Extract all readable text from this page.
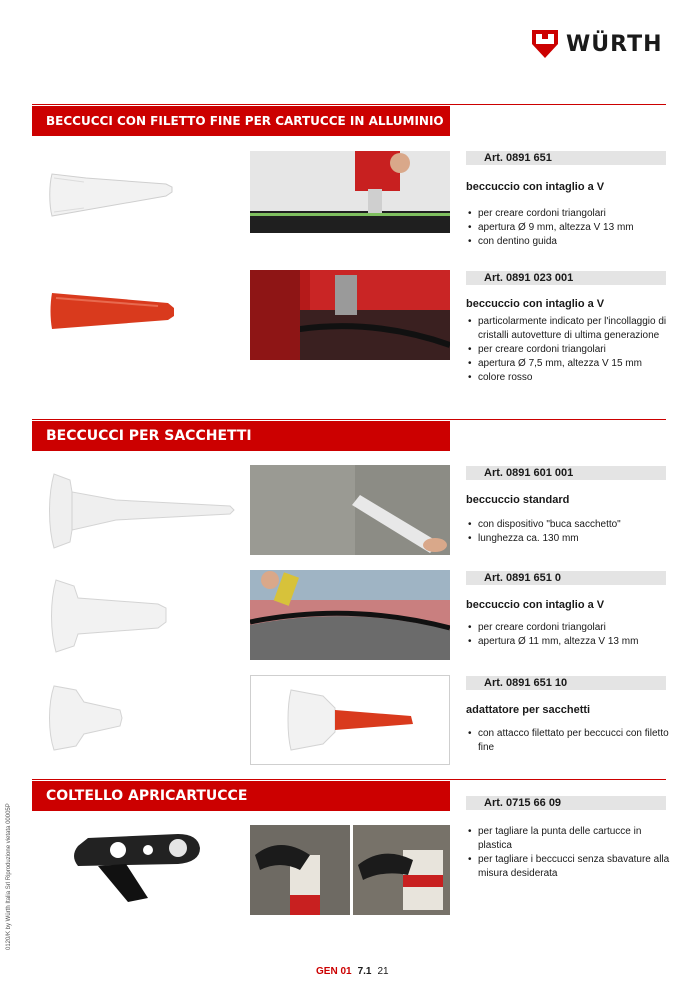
WÜRTH
BECCUCCI CON FILETTO FINE PER CARTUCCE IN ALLUMINIO
Art. 0891 651
beccuccio con intaglio a V
• per creare cordoni triangolari
• apertura Ø 9 mm, altezza V 13 mm
• con dentino guida
Art. 0891 023 001
beccuccio con intaglio a V
• particolarmente indicato per l'incollaggio di cristalli autovetture di ultima generazione
• per creare cordoni triangolari
• apertura Ø 7,5 mm, altezza V 15 mm
• colore rosso
BECCUCCI PER SACCHETTI
Art. 0891 601 001
beccuccio standard
• con dispositivo "buca sacchetto"
• lunghezza ca. 130 mm
Art. 0891 651 0
beccuccio con intaglio a V
• per creare cordoni triangolari
• apertura Ø 11 mm, altezza V 13 mm
Art. 0891 651 10
adattatore per sacchetti
• con attacco filettato per beccucci con filetto fine
COLTELLO APRICARTUCCE	Art. 0715 66 09
• per tagliare la punta delle cartucce in plastica
• per tagliare i beccucci senza sbavature alla misura desiderata
0120/K by Würth Italia Srl Riproduzione vietata 00005P
GEN 01 7.1 21
